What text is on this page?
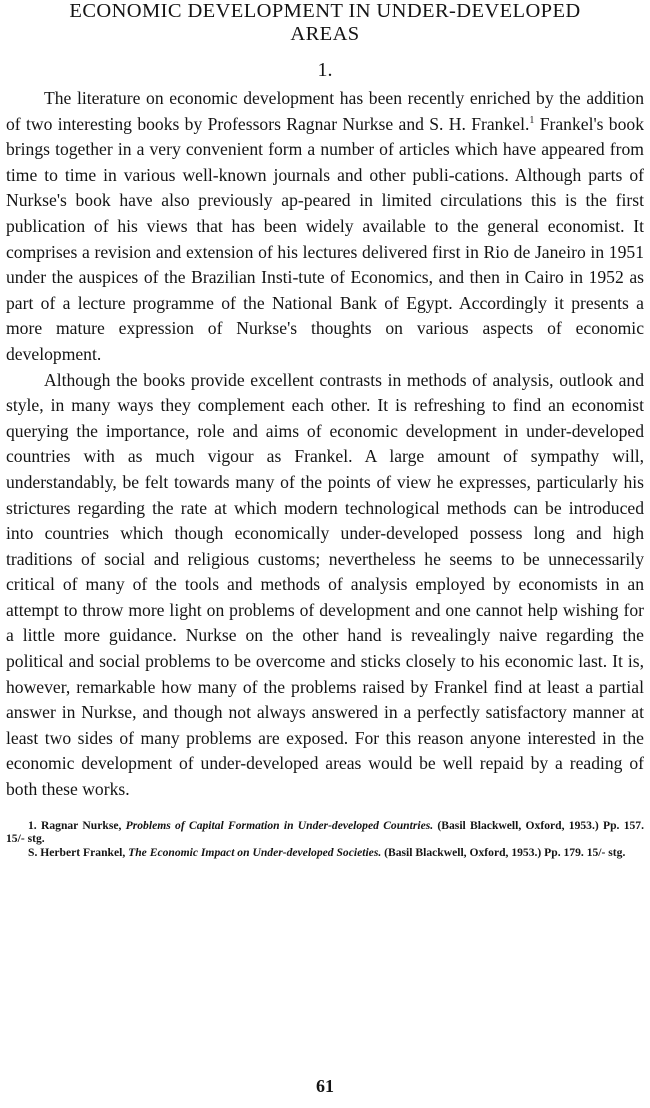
ECONOMIC DEVELOPMENT IN UNDER-DEVELOPED
AREAS
1.

The literature on economic development has been recently enriched by the addition of two interesting books by Professors Ragnar Nurkse and S. H. Frankel.$^1$ Frankel's book brings together in a very convenient form a number of articles which have appeared from time to time in various well-known journals and other publi-cations. Although parts of Nurkse's book have also previously ap-peared in limited circulations this is the first publication of his views that has been widely available to the general economist. It comprises a revision and extension of his lectures delivered first in Rio de Janeiro in 1951 under the auspices of the Brazilian Insti-tute of Economics, and then in Cairo in 1952 as part of a lecture programme of the National Bank of Egypt. Accordingly it presents a more mature expression of Nurkse's thoughts on various aspects of economic development.

Although the books provide excellent contrasts in methods of analysis, outlook and style, in many ways they complement each other. It is refreshing to find an economist querying the importance, role and aims of economic development in under-developed countries with as much vigour as Frankel. A large amount of sympathy will, understandably, be felt towards many of the points of view he expresses, particularly his strictures regarding the rate at which modern technological methods can be introduced into countries which though economically under-developed possess long and high traditions of social and religious customs; nevertheless he seems to be unnecessarily critical of many of the tools and methods of analysis employed by economists in an attempt to throw more light on problems of development and one cannot help wishing for a little more guidance. Nurkse on the other hand is revealingly naive regarding the political and social problems to be overcome and sticks closely to his economic last. It is, however, remarkable how many of the problems raised by Frankel find at least a partial answer in Nurkse, and though not always answered in a perfectly satisfactory manner at least two sides of many problems are exposed. For this reason anyone interested in the economic development of under-developed areas would be well repaid by a reading of both these works.

1. Ragnar Nurkse, Problems of Capital Formation in Under-developed Countries. (Basil Blackwell, Oxford, 1953.) Pp. 157. 15/- stg.

S. Herbert Frankel, The Economic Impact on Under-developed Societies. (Basil Blackwell, Oxford, 1953.) Pp. 179. 15/- stg.

61
